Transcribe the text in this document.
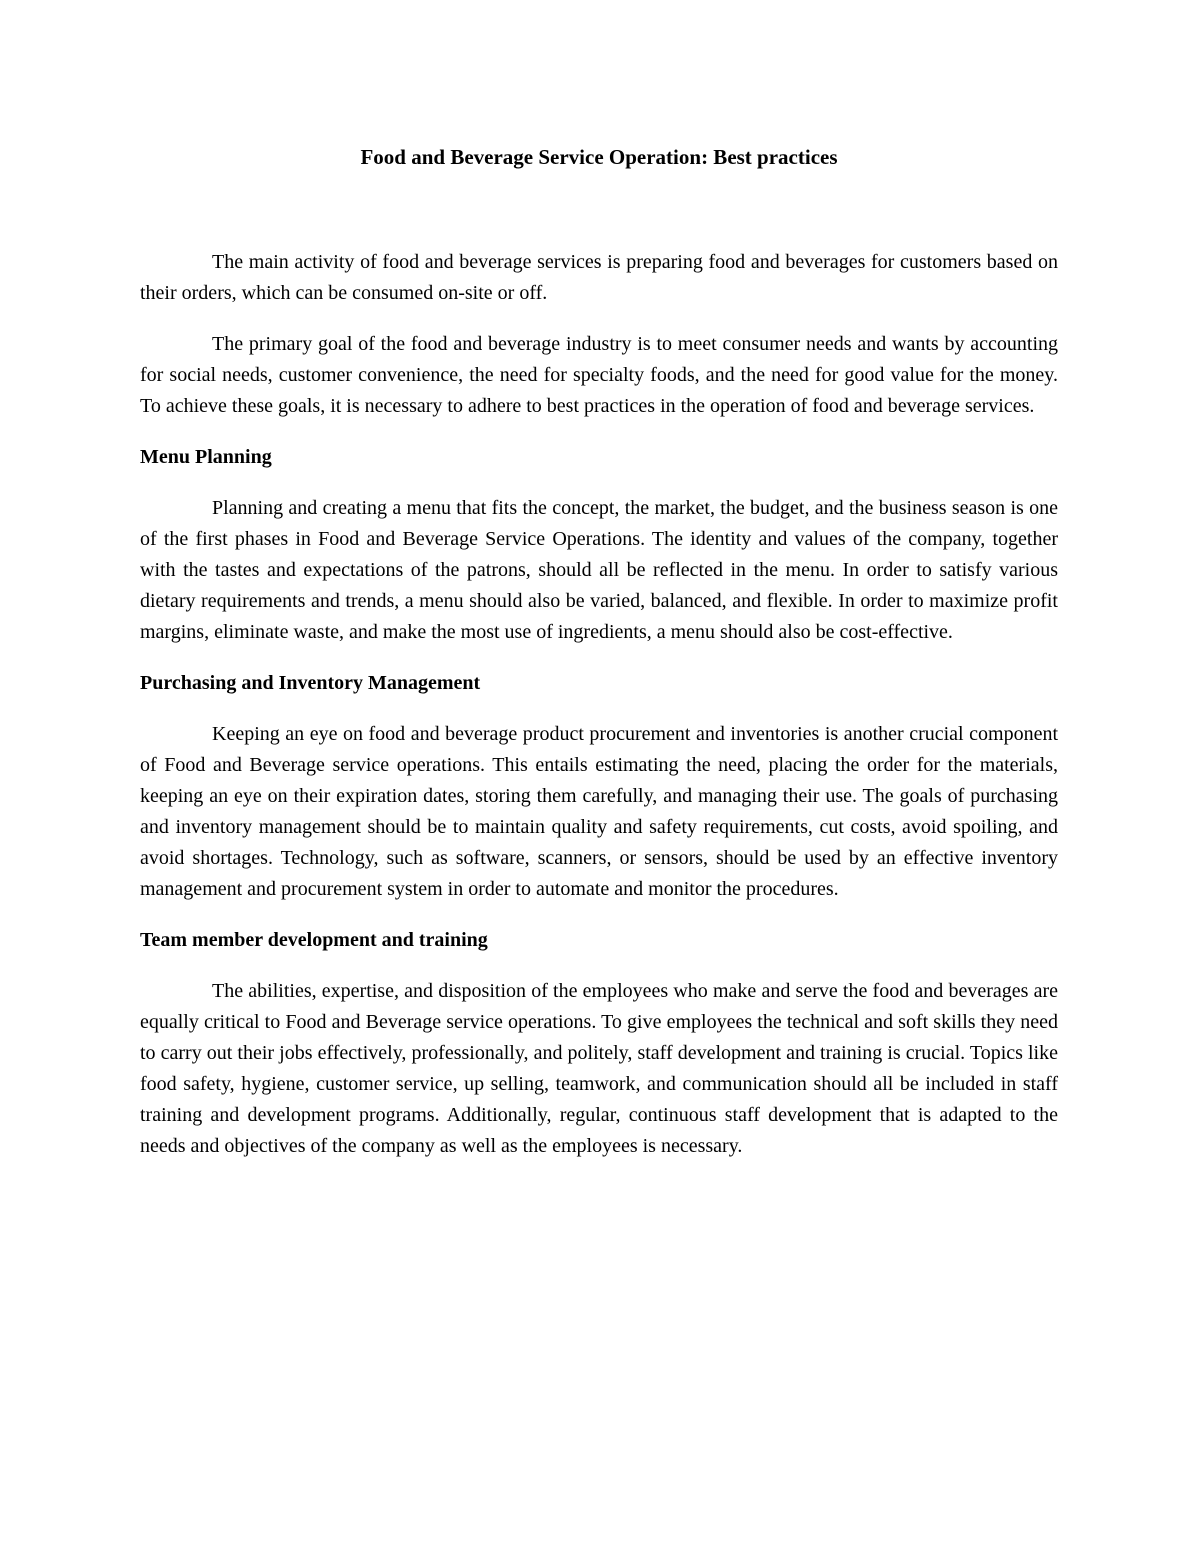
Food and Beverage Service Operation: Best practices

The main activity of food and beverage services is preparing food and beverages for customers based on their orders, which can be consumed on-site or off.

The primary goal of the food and beverage industry is to meet consumer needs and wants by accounting for social needs, customer convenience, the need for specialty foods, and the need for good value for the money. To achieve these goals, it is necessary to adhere to best practices in the operation of food and beverage services.

Menu Planning

Planning and creating a menu that fits the concept, the market, the budget, and the business season is one of the first phases in Food and Beverage Service Operations. The identity and values of the company, together with the tastes and expectations of the patrons, should all be reflected in the menu. In order to satisfy various dietary requirements and trends, a menu should also be varied, balanced, and flexible. In order to maximize profit margins, eliminate waste, and make the most use of ingredients, a menu should also be cost-effective.

Purchasing and Inventory Management

Keeping an eye on food and beverage product procurement and inventories is another crucial component of Food and Beverage service operations. This entails estimating the need, placing the order for the materials, keeping an eye on their expiration dates, storing them carefully, and managing their use. The goals of purchasing and inventory management should be to maintain quality and safety requirements, cut costs, avoid spoiling, and avoid shortages. Technology, such as software, scanners, or sensors, should be used by an effective inventory management and procurement system in order to automate and monitor the procedures.

Team member development and training

The abilities, expertise, and disposition of the employees who make and serve the food and beverages are equally critical to Food and Beverage service operations. To give employees the technical and soft skills they need to carry out their jobs effectively, professionally, and politely, staff development and training is crucial. Topics like food safety, hygiene, customer service, up selling, teamwork, and communication should all be included in staff training and development programs. Additionally, regular, continuous staff development that is adapted to the needs and objectives of the company as well as the employees is necessary.
